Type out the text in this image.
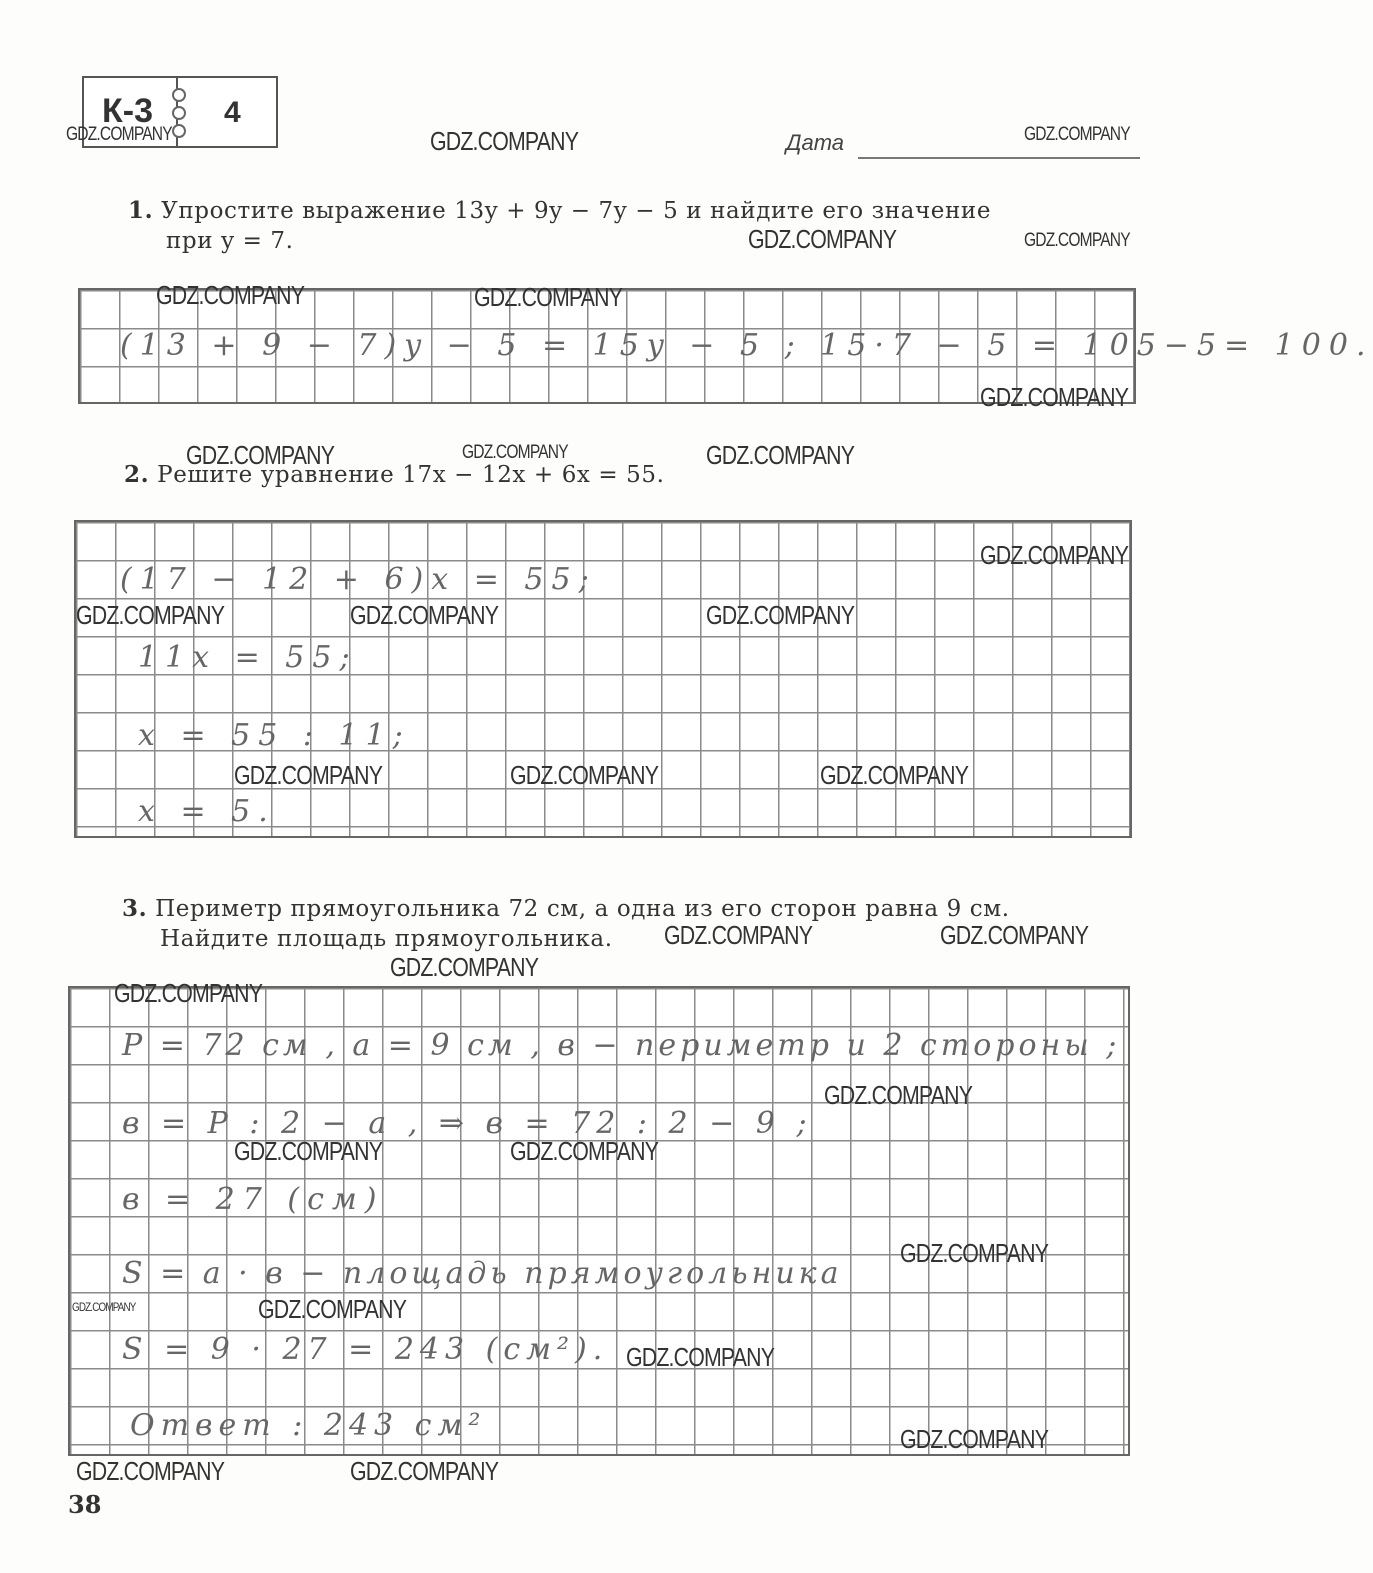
К-3 4
Дата
1. Упростите выражение 13y + 9y − 7y − 5 и найдите его значение
при y = 7.
(13 + 9 − 7)y − 5 = 15y − 5 ; 15·7 − 5 = 105−5= 100.
2. Решите уравнение 17x − 12x + 6x = 55.
(17 − 12 + 6)x = 55;
11x = 55;
x = 55 : 11;
x = 5.
3. Периметр прямоугольника 72 см, а одна из его сторон равна 9 см.
Найдите площадь прямоугольника.
P = 72 см , a = 9 см , в − периметр и 2 стороны ;
в = P : 2 − a , ⇒ в = 72 : 2 − 9 ;
в = 27 (см)
S = a · в − площадь прямоугольника
S = 9 · 27 = 243 (см²).
Ответ : 243 см²
GDZ.COMPANY	GDZ.COMPANY	GDZ.COMPANY
GDZ.COMPANY	GDZ.COMPANY
GDZ.COMPANY	GDZ.COMPANY
GDZ.COMPANY
GDZ.COMPANY	GDZ.COMPANY	GDZ.COMPANY
GDZ.COMPANY
GDZ.COMPANY	GDZ.COMPANY	GDZ.COMPANY
GDZ.COMPANY	GDZ.COMPANY	GDZ.COMPANY
GDZ.COMPANY	GDZ.COMPANY
GDZ.COMPANY
GDZ.COMPANY
GDZ.COMPANY
GDZ.COMPANY	GDZ.COMPANY
GDZ.COMPANY
GDZ.COMPANY	GDZ.COMPANY
GDZ.COMPANY
GDZ.COMPANY
GDZ.COMPANY	GDZ.COMPANY
38
